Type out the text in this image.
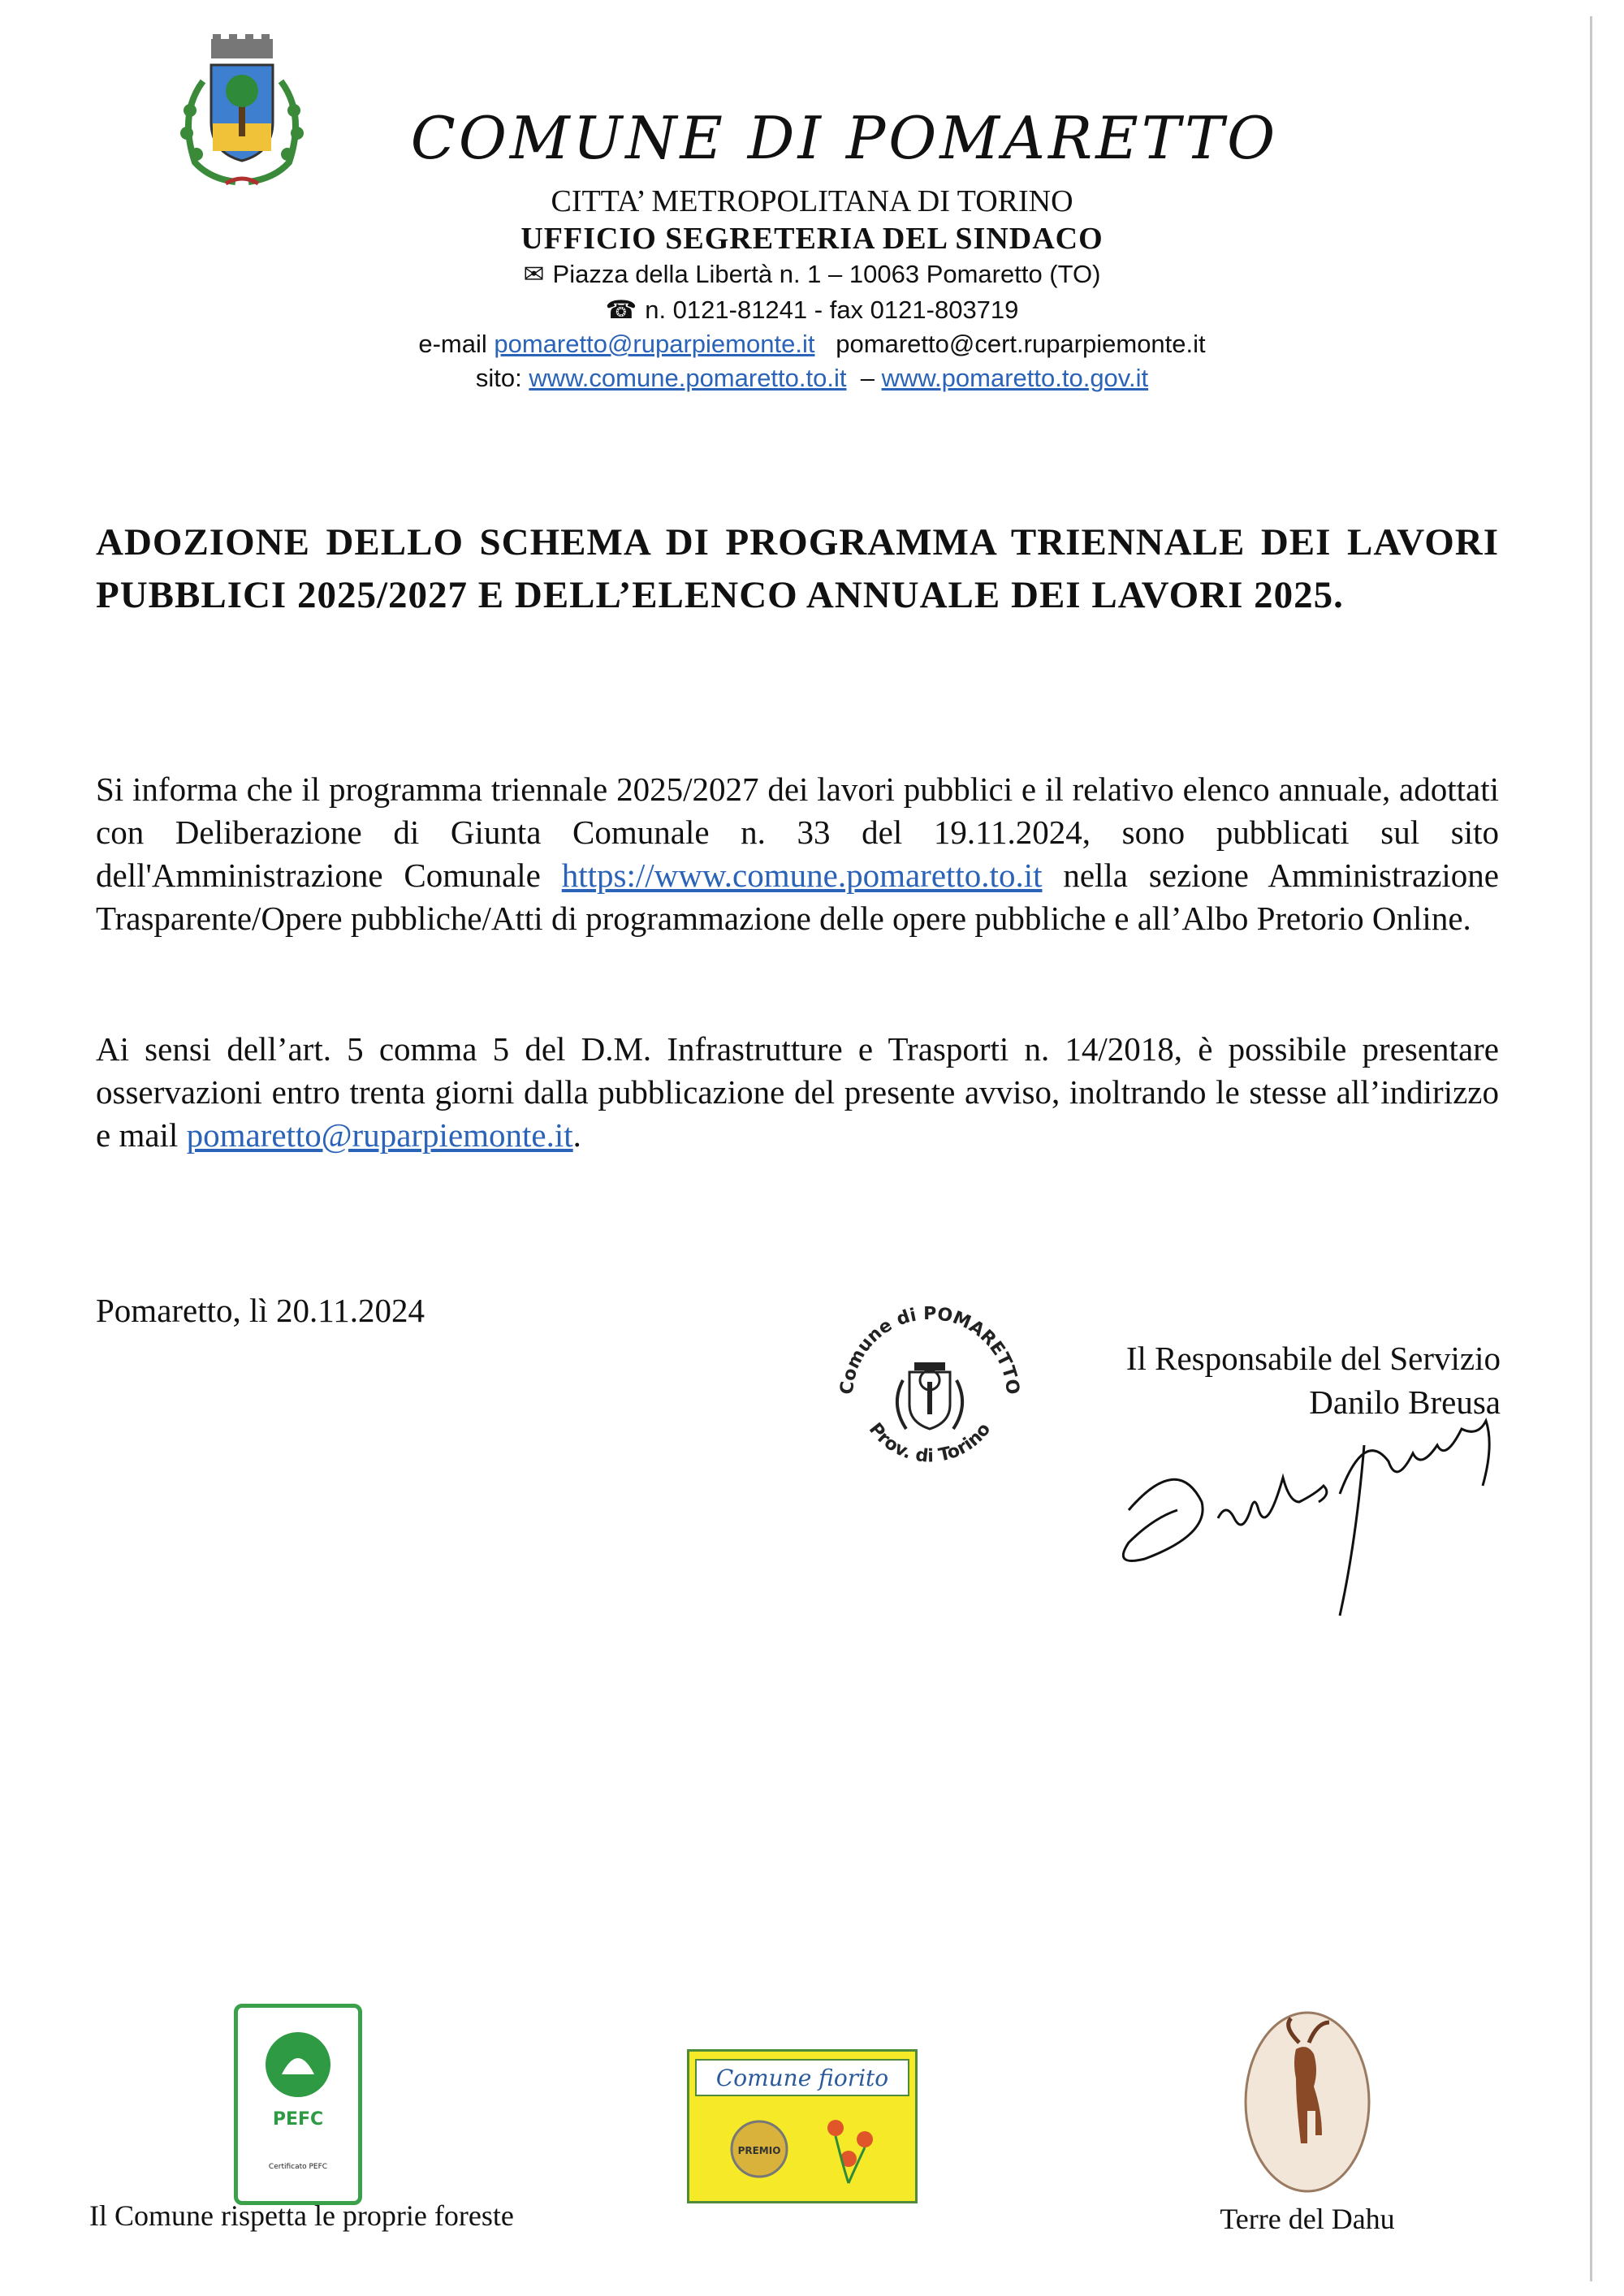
COMUNE DI POMARETTO
CITTA’ METROPOLITANA DI TORINO
UFFICIO SEGRETERIA DEL SINDACO
✉ Piazza della Libertà n. 1 – 10063 Pomaretto (TO)
☎ n. 0121-81241 - fax 0121-803719
e-mail pomaretto@ruparpiemonte.it pomaretto@cert.ruparpiemonte.it
sito: www.comune.pomaretto.to.it – www.pomaretto.to.gov.it
ADOZIONE DELLO SCHEMA DI PROGRAMMA TRIENNALE DEI LAVORI PUBBLICI 2025/2027 E DELL’ELENCO ANNUALE DEI LAVORI 2025.
Si informa che il programma triennale 2025/2027 dei lavori pubblici e il relativo elenco annuale, adottati con Deliberazione di Giunta Comunale n. 33 del 19.11.2024, sono pubblicati sul sito dell'Amministrazione Comunale https://www.comune.pomaretto.to.it nella sezione Amministrazione Trasparente/Opere pubbliche/Atti di programmazione delle opere pubbliche e all’Albo Pretorio Online.
Ai sensi dell’art. 5 comma 5 del D.M. Infrastrutture e Trasporti n. 14/2018, è possibile presentare osservazioni entro trenta giorni dalla pubblicazione del presente avviso, inoltrando le stesse all’indirizzo e mail pomaretto@ruparpiemonte.it.
Pomaretto, lì 20.11.2024
Il Responsabile del Servizio
Danilo Breusa
Comune di POMARETTO
Prov. di Torino
PEFC
Certificato PEFC
Il Comune rispetta le proprie foreste
Comune fiorito
PREMIO
Terre del Dahu
